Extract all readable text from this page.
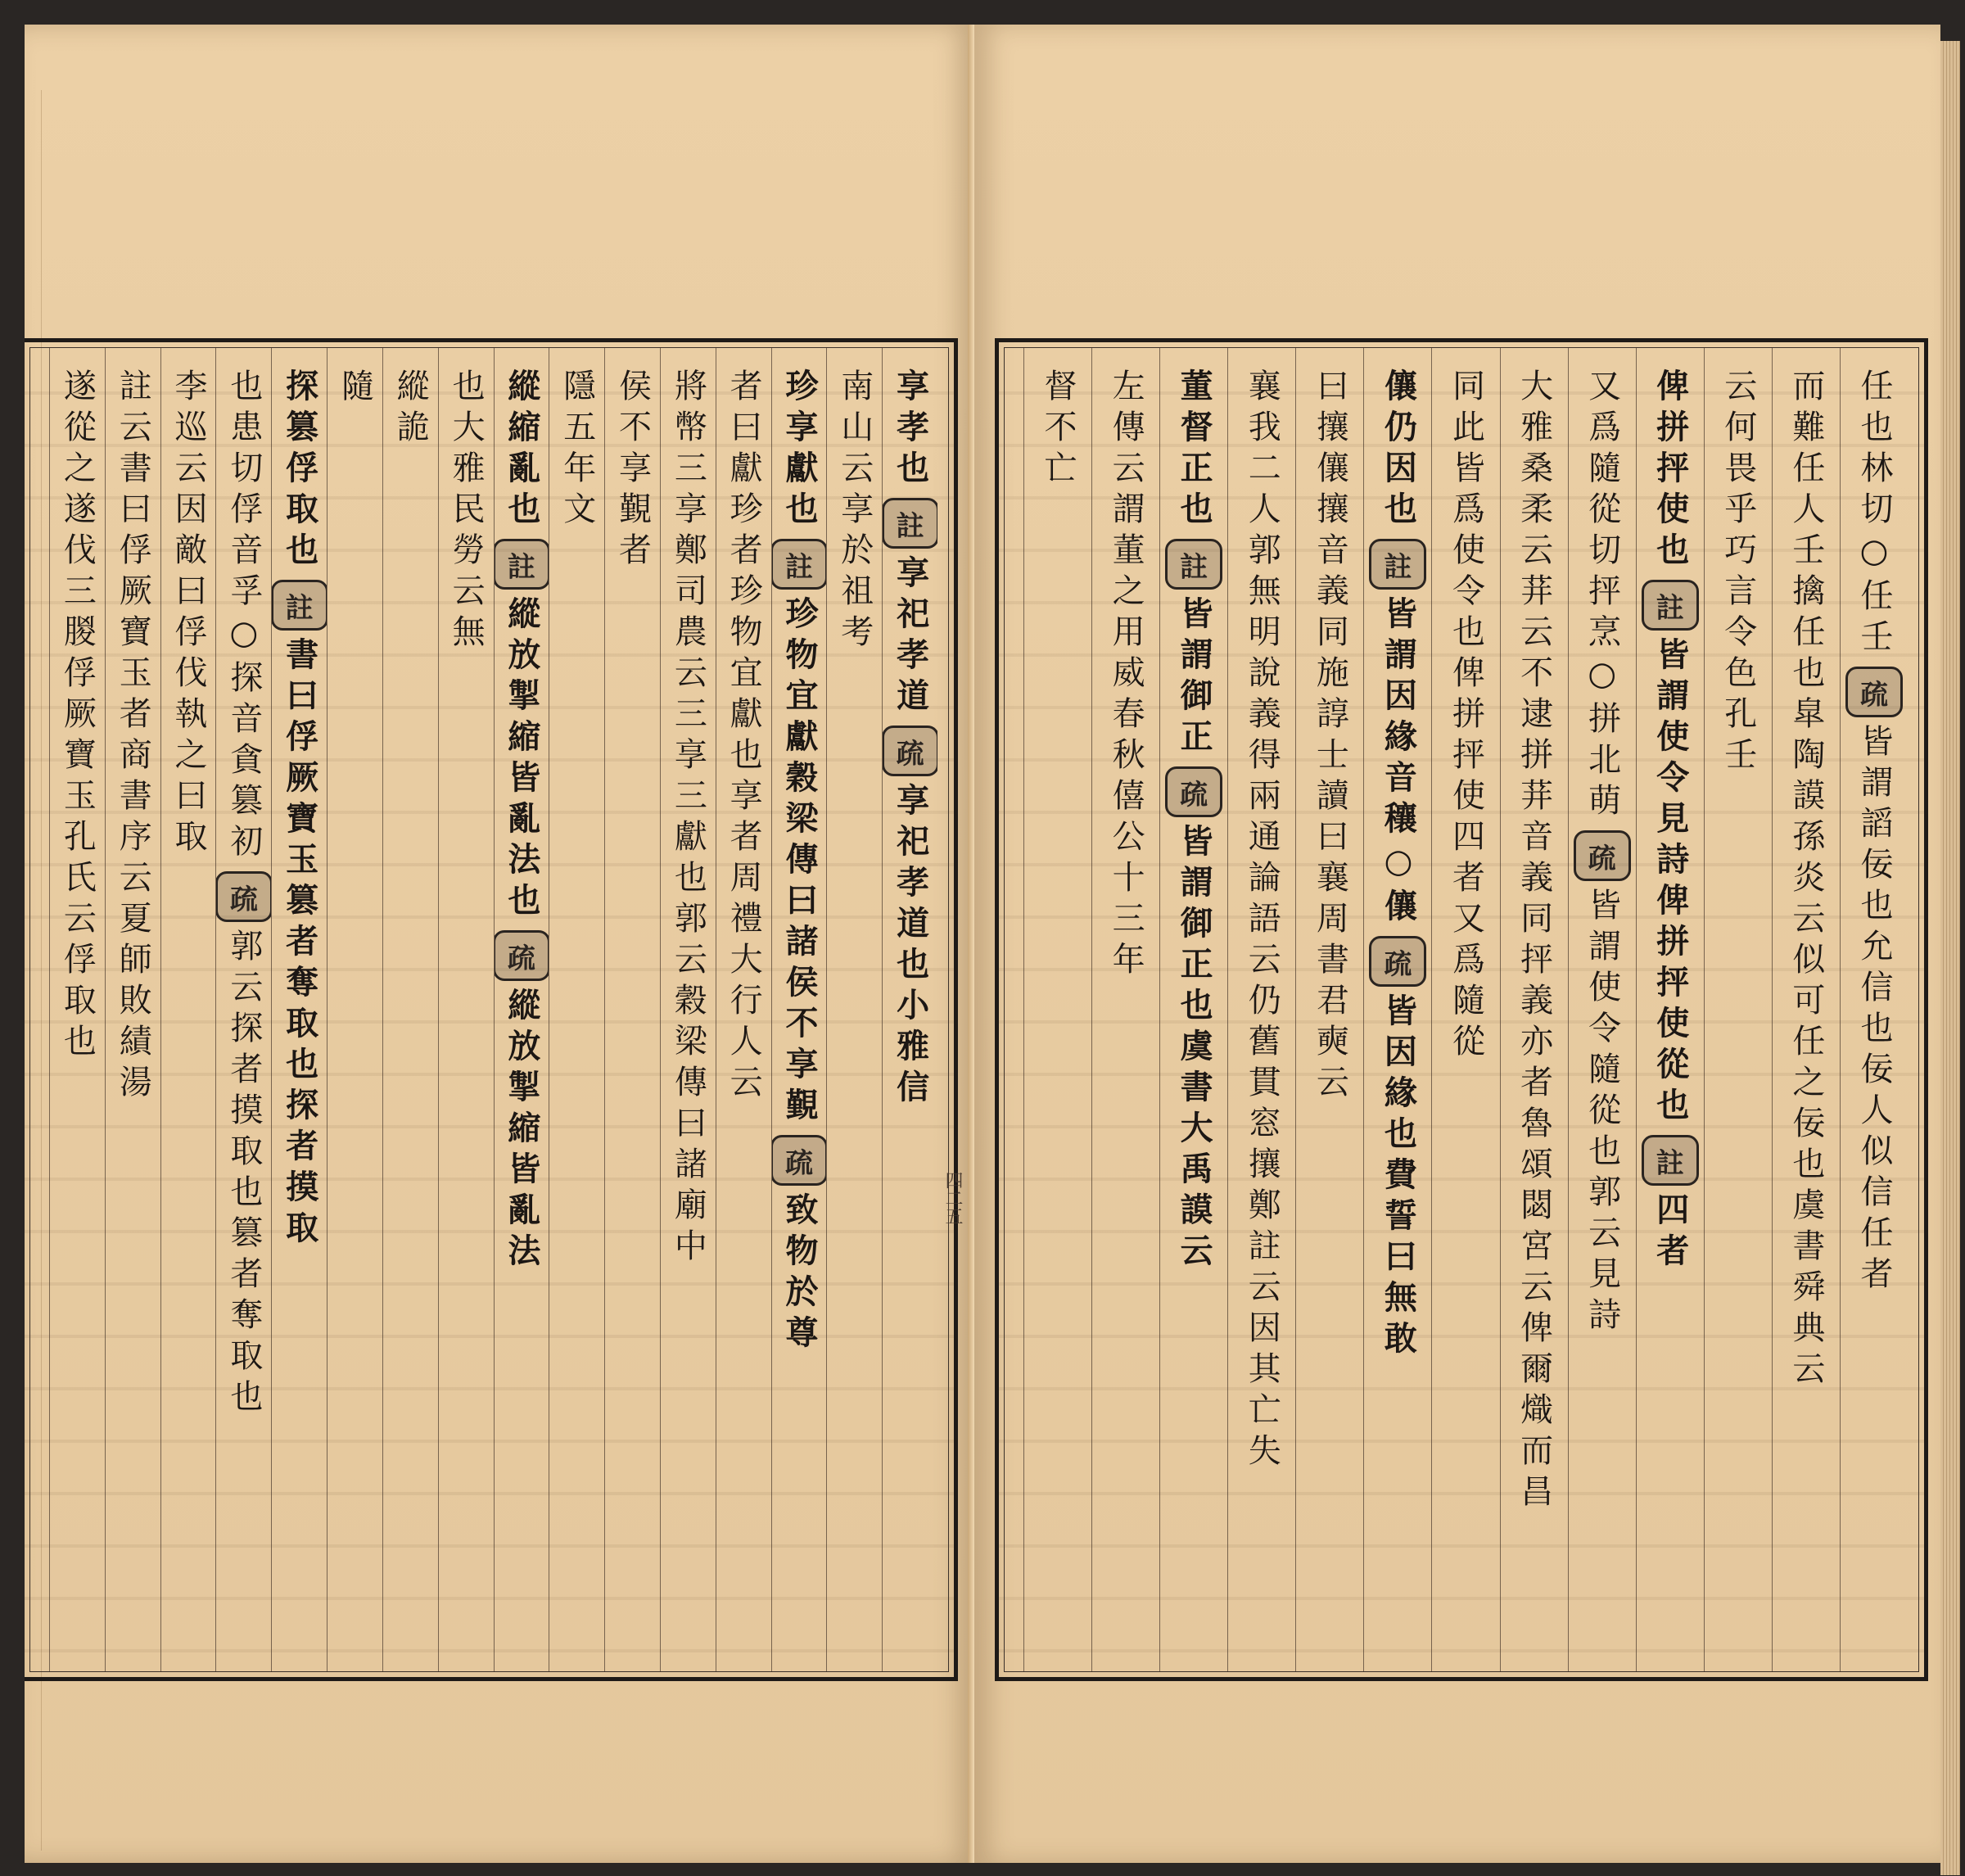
享孝也
註
享祀孝道
疏
享祀孝道也小雅信
南山云享於祖考
珍享獻也
註
珍物宜獻穀梁傳曰諸侯不享覲
疏
致物於尊
者曰獻珍者珍物宜獻也享者周禮大行人云
將幣三享鄭司農云三享三獻也郭云穀梁傳曰諸
廟中
侯不享覲者
隱五年文
縱縮亂也
註
縱放掣縮皆亂法也
疏
縱放掣縮皆亂法
也大雅民勞云無
縱詭
隨
探篡俘取也
註
書曰俘厥寶玉篡者奪取也探者摸取
也
患切俘音孚○探音貪篡初
疏
郭云探者摸取也篡者奪取也
李巡云因敵曰俘伐執之曰取
註云書曰俘厥寶玉者商書序云夏師敗績湯
遂從之遂伐三朡俘厥寶玉孔氏云俘取也	任也
林切○任壬
疏
皆謂謟佞也允信也佞人似信任者
而難任人壬擒任也皐陶謨
孫炎云似可任之佞也虞書舜典云
云何畏乎巧言令色孔壬
俾拼抨使也
註
皆謂使令見詩
俾拼抨使從也
註
四者
又爲隨從
切抨烹○拼北萌
疏
皆謂使令隨從也郭云見詩
大雅桑柔云荓云不逮拼荓音義同抨義亦
者魯頌閟宮云俾爾熾而昌
同此皆爲使令也俾拼抨使四者又爲隨從
儴仍因也
註
皆謂因緣
音穰○儴
疏
皆因緣也費誓曰無敢
曰攘儴攘音義同施諄士讀曰襄周書君奭云
襄我二人郭無明說義得兩通論語云仍舊貫
窓攘鄭註云因其亡失
董督正也
註
皆謂御正
疏
皆謂御正也虞書大禹謨云
左傳云謂
董之用威春秋僖公十三年
督不亡
四二五
